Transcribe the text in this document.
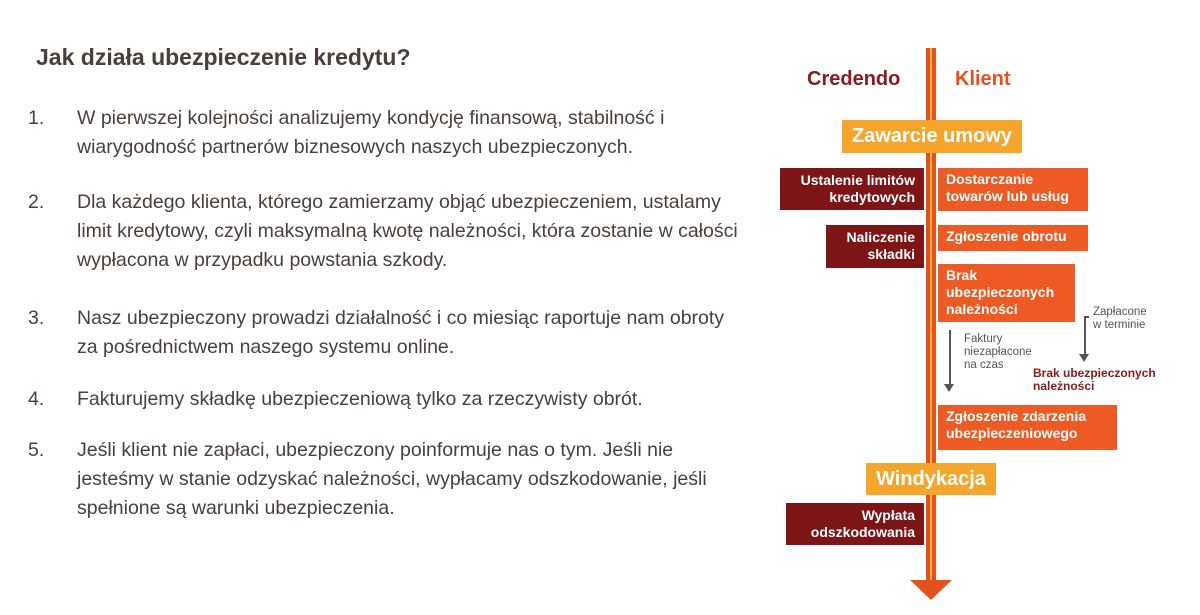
Jak działa ubezpieczenie kredytu?
1. W pierwszej kolejności analizujemy kondycję finansową, stabilność i wiarygodność partnerów biznesowych naszych ubezpieczonych.
2. Dla każdego klienta, którego zamierzamy objąć ubezpieczeniem, ustalamy limit kredytowy, czyli maksymalną kwotę należności, która zostanie w całości wypłacona w przypadku powstania szkody.
3. Nasz ubezpieczony prowadzi działalność i co miesiąc raportuje nam obroty za pośrednictwem naszego systemu online.
4. Fakturujemy składkę ubezpieczeniową tylko za rzeczywisty obrót.
5. Jeśli klient nie zapłaci, ubezpieczony poinformuje nas o tym. Jeśli nie jesteśmy w stanie odzyskać należności, wypłacamy odszkodowanie, jeśli spełnione są warunki ubezpieczenia.
Credendo	Klient
Zawarcie umowy
Ustalenie limitów
kredytowych
Dostarczanie
towarów lub usług
Naliczenie
składki
Zgłoszenie obrotu
Brak
ubezpieczonych
należności	Zapłacone
w terminie
Faktury
niezapłacone
na czas
Brak ubezpieczonych
należności
Zgłoszenie zdarzenia
ubezpieczeniowego
Windykacja
Wypłata
odszkodowania
